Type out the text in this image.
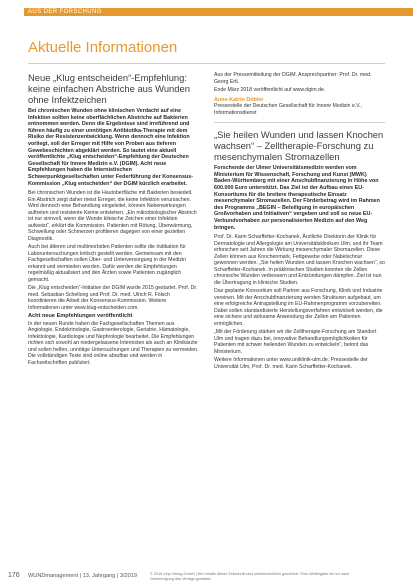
AUS DER FORSCHUNG
Aktuelle Informationen
Neue „Klug entscheiden“-Empfehlung: keine einfachen Abstriche aus Wunden ohne Infektzeichen

Bei chronischen Wunden ohne klinischen Verdacht auf eine Infektion sollten keine oberflächlichen Abstriche auf Bakterien entnommen werden. Denn die Ergebnisse sind irreführend und führen häufig zu einer unnötigen Antibiotika-Therapie mit dem Risiko der Resistenzentwicklung. Wenn dennoch eine Infektion vorliegt, soll der Erreger mit Hilfe von Proben aus tieferen Gewebeschichten abgeklärt werden. So lautet eine aktuell veröffentlichte „Klug entscheiden“-Empfehlung der Deutschen Gesellschaft für Innere Medizin e.V. (DGIM). Acht neue Empfehlungen haben die Internistischen Schwerpunktgesellschaften unter Federführung der Konsensus-Kommission „Klug entscheiden“ der DGIM kürzlich erarbeitet.

Bei chronischen Wunden ist die Hautoberfläche mit Bakterien besiedelt. Ein Abstrich zeigt daher meist Erreger, die keine Infektion verursachen. Wird dennoch eine Behandlung eingeleitet, können Nebenwirkungen auftreten und resistente Keime entstehen. „Ein mikrobiologischer Abstrich ist nur sinnvoll, wenn die Wunde klinische Zeichen einer Infektion aufweist“, erklärt die Kommission. Patienten mit Rötung, Überwärmung, Schwellung oder Schmerzen profitieren dagegen von einer gezielten Diagnostik.

Auch bei älteren und multimorbiden Patienten sollte die Indikation für Laboruntersuchungen kritisch gestellt werden. Gemeinsam mit den Fachgesellschaften sollen Über- und Unterversorgung in der Medizin erkannt und vermieden werden. Dafür werden die Empfehlungen regelmäßig aktualisiert und den Ärzten sowie Patienten zugänglich gemacht.

Die „Klug entscheiden“-Initiative der DGIM wurde 2015 gestartet. Prof. Dr. med. Sebastian Schellong und Prof. Dr. med. Ulrich R. Fölsch koordinieren die Arbeit der Konsensus-Kommission. Weitere Informationen unter www.klug-entscheiden.com.

Acht neue Empfehlungen veröffentlicht

In der neuen Runde haben die Fachgesellschaften Themen aus Angiologie, Endokrinologie, Gastroenterologie, Geriatrie, Hämatologie, Infektiologie, Kardiologie und Nephrologie bearbeitet. Die Empfehlungen richten sich sowohl an niedergelassene Internisten als auch an Klinikärzte und sollen helfen, unnötige Untersuchungen und Therapien zu vermeiden. Die vollständigen Texte sind online abrufbar und werden in Fachzeitschriften publiziert.

Aus der Pressemitteilung der DGIM. Ansprechpartner: Prof. Dr. med. Georg Ertl.

Ende März 2018 veröffentlicht auf www.dgim.de.

Anne-Katrin Döbler
Pressestelle der Deutschen Gesellschaft für Innere Medizin e.V., Informationsdienst
„Sie heilen Wunden und lassen Knochen wachsen“ – Zelltherapie-Forschung zu mesenchymalen Stromazellen

Forschende der Ulmer Universitätsmedizin werden vom Ministerium für Wissenschaft, Forschung und Kunst (MWK) Baden-Württemberg mit einer Anschubfinanzierung in Höhe von 600.000 Euro unterstützt. Das Ziel ist der Aufbau eines EU-Konsortiums für die breitere therapeutische Einsatz mesenchymaler Stromazellen. Der Förderbetrag wird im Rahmen des Programms „BEGIN – Beteiligung in europäischen Großvorhaben und Initiativen“ vergeben und soll so neue EU-Verbundvorhaben zur personalisierten Medizin auf den Weg bringen.

Prof. Dr. Karin Scharffetter-Kochanek, Ärztliche Direktorin der Klinik für Dermatologie und Allergologie am Universitätsklinikum Ulm, und ihr Team erforschen seit Jahren die Wirkung mesenchymaler Stromazellen. Diese Zellen können aus Knochenmark, Fettgewebe oder Nabelschnur gewonnen werden. „Sie heilen Wunden und lassen Knochen wachsen“, so Scharffetter-Kochanek. In präklinischen Studien konnten die Zellen chronische Wunden verbessern und Entzündungen dämpfen. Ziel ist nun die Übertragung in klinische Studien.

Das geplante Konsortium soll Partner aus Forschung, Klinik und Industrie vereinen. Mit der Anschubfinanzierung werden Strukturen aufgebaut, um eine erfolgreiche Antragstellung im EU-Rahmenprogramm vorzubereiten. Dabei sollen standardisierte Herstellungsverfahren entwickelt werden, die eine sichere und wirksame Anwendung der Zellen am Patienten ermöglichen.

„Mit der Förderung stärken wir die Zelltherapie-Forschung am Standort Ulm und tragen dazu bei, innovative Behandlungsmöglichkeiten für Patienten mit schwer heilenden Wunden zu entwickeln“, betont das Ministerium.

Weitere Informationen unter www.uniklinik-ulm.de. Pressestelle der Universität Ulm, Prof. Dr. med. Karin Scharffetter-Kochanek.

176 WUNDmanagement | 13. Jahrgang | 3/2019	© 2019 mhp Verlag GmbH | Die Inhalte dieser Zeitschrift sind urheberrechtlich geschützt. Eine Weitergabe ist nur nach Genehmigung des Verlags gestattet.
